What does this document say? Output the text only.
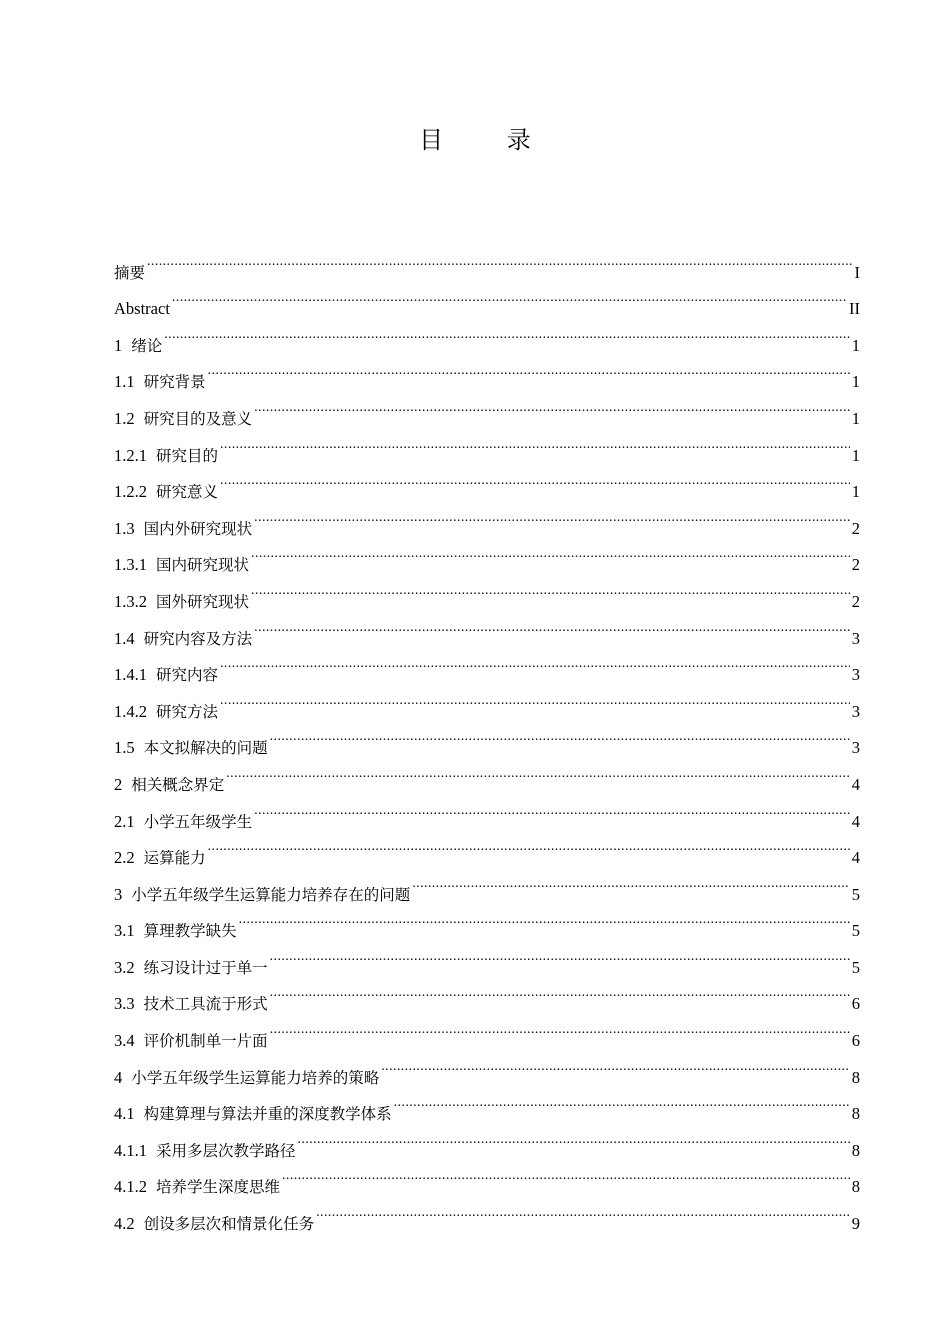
目 录
摘要 .....	I
Abstract .....	II
1 绪论 .....	1
1.1 研究背景 .....	1
1.2 研究目的及意义 .....	1
1.2.1 研究目的 .....	1
1.2.2 研究意义 .....	1
1.3 国内外研究现状 .....	2
1.3.1 国内研究现状 .....	2
1.3.2 国外研究现状 .....	2
1.4 研究内容及方法 .....	3
1.4.1 研究内容 .....	3
1.4.2 研究方法 .....	3
1.5 本文拟解决的问题 .....	3
2 相关概念界定 .....	4
2.1 小学五年级学生 .....	4
2.2 运算能力 .....	4
3 小学五年级学生运算能力培养存在的问题 .....	5
3.1 算理教学缺失 .....	5
3.2 练习设计过于单一 .....	5
3.3 技术工具流于形式 .....	6
3.4 评价机制单一片面 .....	6
4 小学五年级学生运算能力培养的策略 .....	8
4.1 构建算理与算法并重的深度教学体系 .....	8
4.1.1 采用多层次教学路径 .....	8
4.1.2 培养学生深度思维 .....	8
4.2 创设多层次和情景化任务 .....	9
